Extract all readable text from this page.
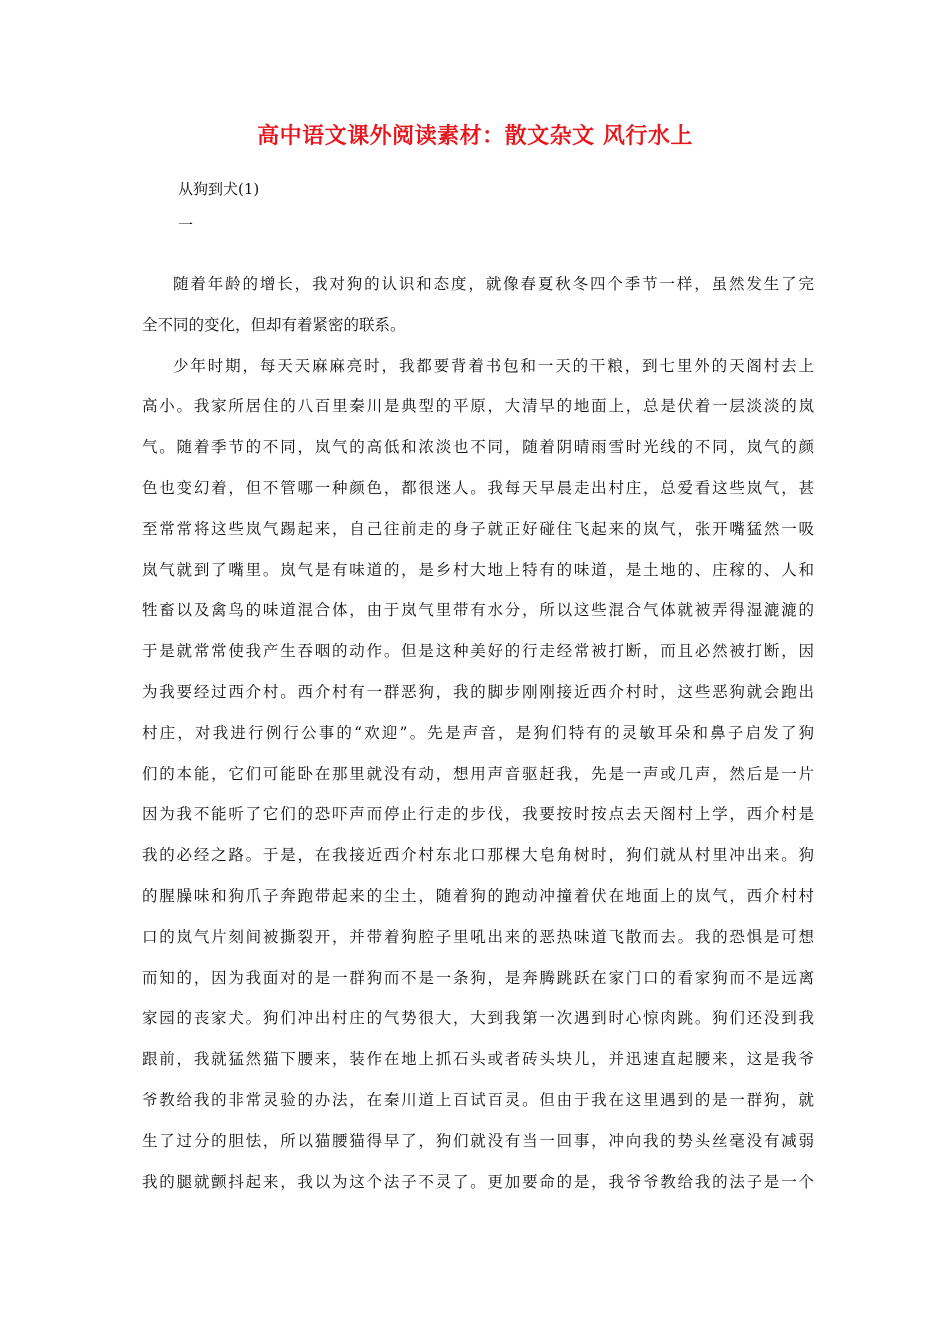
高中语文课外阅读素材：散文杂文 风行水上
从狗到犬(1)
一
随着年龄的增长，我对狗的认识和态度，就像春夏秋冬四个季节一样，虽然发生了完
全不同的变化，但却有着紧密的联系。
少年时期，每天天麻麻亮时，我都要背着书包和一天的干粮，到七里外的天阁村去上
高小。我家所居住的八百里秦川是典型的平原，大清早的地面上，总是伏着一层淡淡的岚
气。随着季节的不同，岚气的高低和浓淡也不同，随着阴晴雨雪时光线的不同，岚气的颜
色也变幻着，但不管哪一种颜色，都很迷人。我每天早晨走出村庄，总爱看这些岚气，甚
至常常将这些岚气踢起来，自己往前走的身子就正好碰住飞起来的岚气，张开嘴猛然一吸
岚气就到了嘴里。岚气是有味道的，是乡村大地上特有的味道，是土地的、庄稼的、人和
牲畜以及禽鸟的味道混合体，由于岚气里带有水分，所以这些混合气体就被弄得湿漉漉的
于是就常常使我产生吞咽的动作。但是这种美好的行走经常被打断，而且必然被打断，因
为我要经过西介村。西介村有一群恶狗，我的脚步刚刚接近西介村时，这些恶狗就会跑出
村庄，对我进行例行公事的“欢迎”。先是声音，是狗们特有的灵敏耳朵和鼻子启发了狗
们的本能，它们可能卧在那里就没有动，想用声音驱赶我，先是一声或几声，然后是一片
因为我不能听了它们的恐吓声而停止行走的步伐，我要按时按点去天阁村上学，西介村是
我的必经之路。于是，在我接近西介村东北口那棵大皂角树时，狗们就从村里冲出来。狗
的腥臊味和狗爪子奔跑带起来的尘土，随着狗的跑动冲撞着伏在地面上的岚气，西介村村
口的岚气片刻间被撕裂开，并带着狗腔子里吼出来的恶热味道飞散而去。我的恐惧是可想
而知的，因为我面对的是一群狗而不是一条狗，是奔腾跳跃在家门口的看家狗而不是远离
家园的丧家犬。狗们冲出村庄的气势很大，大到我第一次遇到时心惊肉跳。狗们还没到我
跟前，我就猛然猫下腰来，装作在地上抓石头或者砖头块儿，并迅速直起腰来，这是我爷
爷教给我的非常灵验的办法，在秦川道上百试百灵。但由于我在这里遇到的是一群狗，就
生了过分的胆怯，所以猫腰猫得早了，狗们就没有当一回事，冲向我的势头丝毫没有减弱
我的腿就颤抖起来，我以为这个法子不灵了。更加要命的是，我爷爷教给我的法子是一个
